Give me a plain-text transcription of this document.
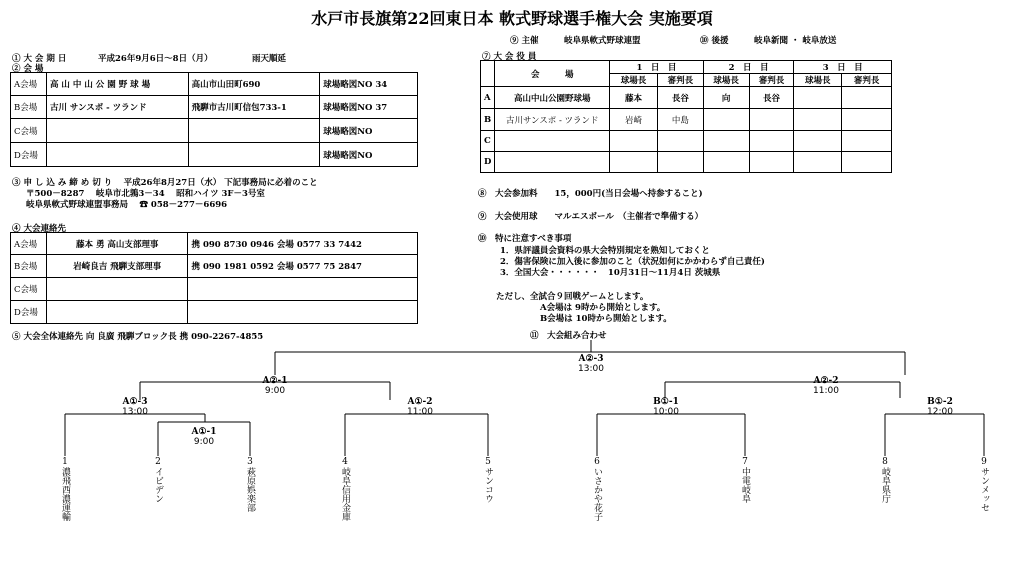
水戸市長旗第22回東日本 軟式野球選手権大会 実施要項
⑨ 主催	岐阜県軟式野球連盟	⑩ 後援	岐阜新聞 ・ 岐阜放送
① 大 会 期 日	平成26年9月6日～8日（月）	雨天順延
② 会 場
A会場	高 山 中 山 公 園 野 球 場	高山市山田町690	球場略図NO 34
B会場	古川 サンスポ - ツランド	飛騨市古川町信包733-1	球場略図NO 37
C会場			球場略図NO
D会場			球場略図NO
③ 申 し 込 み 締 め 切 り　 平成26年8月27日（水） 下記事務局に必着のこと
〒500－8287　 岐阜市北鶉3－34　 昭和ハイツ 3F－3号室
岐阜県軟式野球連盟事務局　 ☎ 058－277－6696
④ 大会連絡先
A会場	藤本 勇 高山支部理事	携 090 8730 0946 会場 0577 33 7442
B会場	岩崎良吉 飛騨支部理事	携 090 1981 0592 会場 0577 75 2847
C会場		
D会場		
⑤ 大会全体連絡先 向 良廣 飛騨ブロック長 携 090-2267-4855
⑦ 大 会 役 員
	会　　　場	1　日　目		2　日　目		3　日　目	
		球場長	審判長	球場長	審判長	球場長	審判長
A	高山中山公園野球場	藤本	長谷	向	長谷		
B	古川サンスポ - ツランド	岩崎	中島				
C							
D							
⑧　大会参加料　　15，000円(当日会場へ持参すること)
⑨　大会使用球　　マルエスボール　（主催者で準備する）
⑩　特に注意すべき事項
1．県評議員会資料の県大会特別規定を熟知しておくと
2．傷害保険に加入後に参加のこと（状況如何にかかわらず自己責任)
3．全国大会・・・・・・　10月31日～11月4日 茨城県
ただし、全試合９回戦ゲームとします。
A会場は 9時から開始とします。
B会場は 10時から開始とします。
⑪　大会組み合わせ
A②-3
13:00
A②-1
9:00
A②-2
11:00
A①-3
13:00
A①-1
9:00
A①-2
11:00
B①-1
10:00
B①-2
12:00
1
濃飛西濃運輸
2
イビデン
3
萩原娯楽部
4
岐阜信用金庫
5
サンコウ
6
いさかや花子
7
中電岐阜
8
岐阜県庁
9
サンメッセ
